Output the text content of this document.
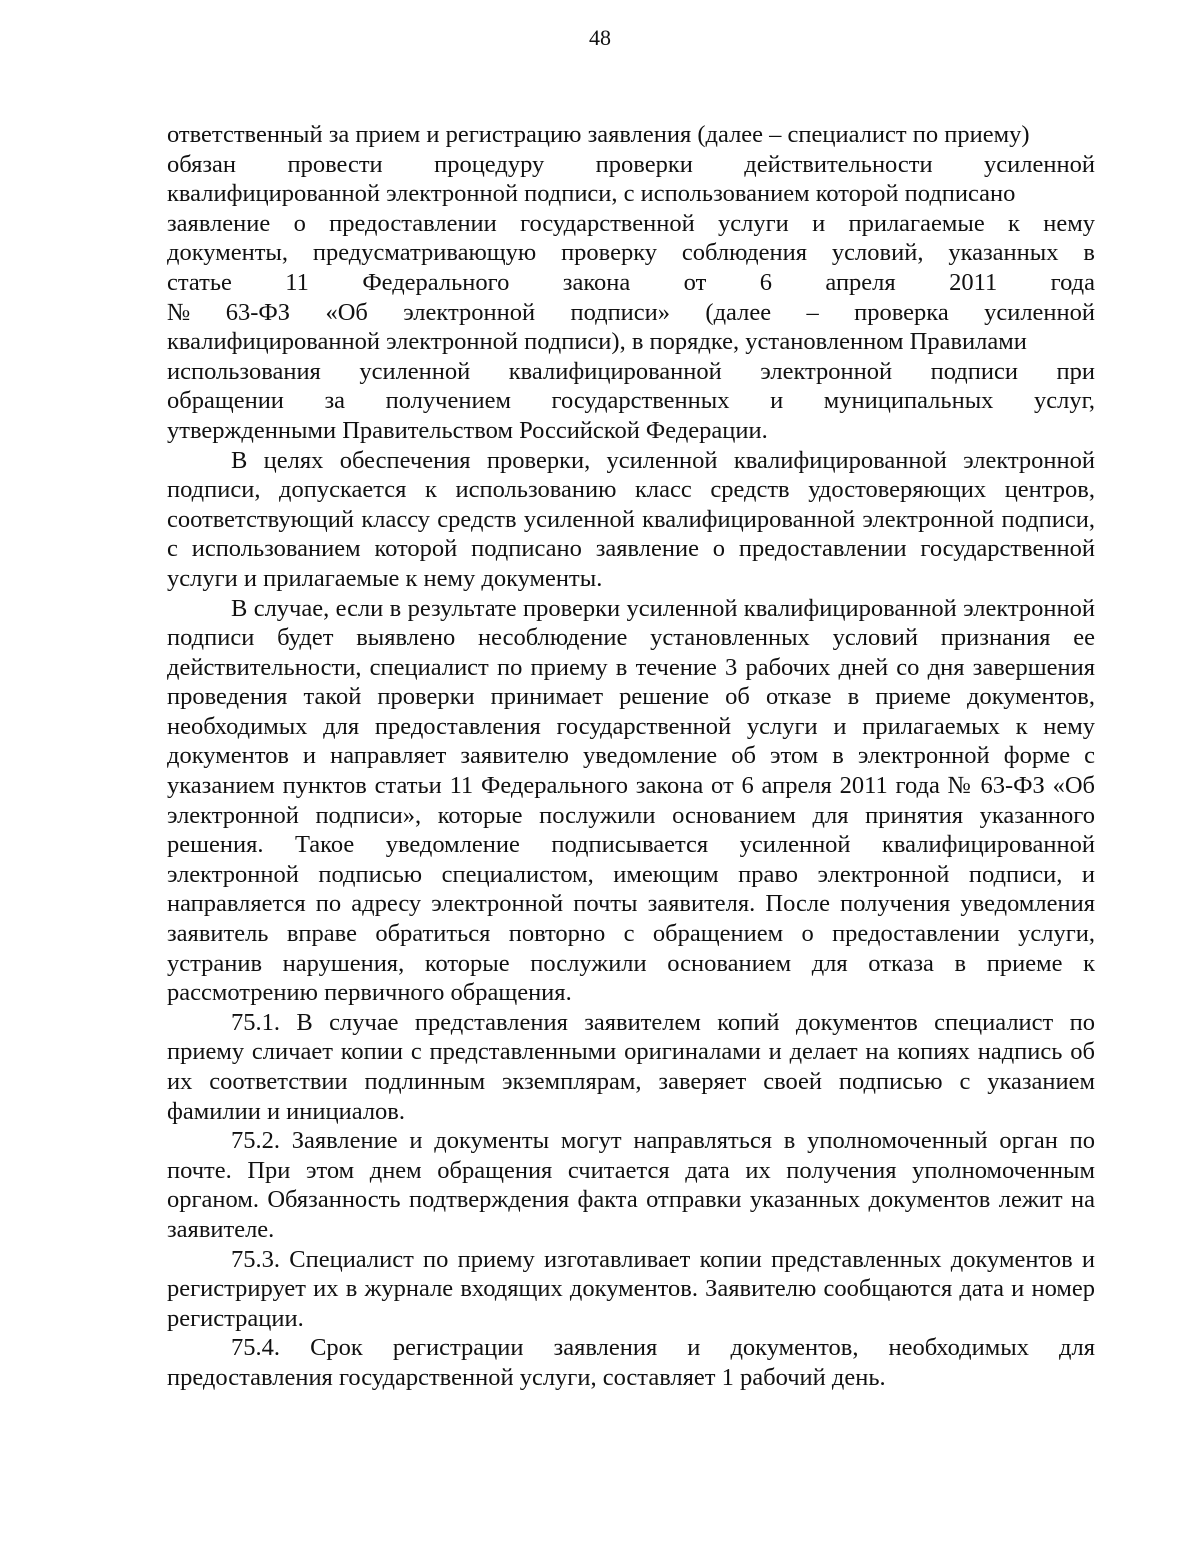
48
ответственный за прием и регистрацию заявления (далее – специалист по приему)
обязан провести процедуру проверки действительности усиленной
квалифицированной электронной подписи, с использованием которой подписано
заявление о предоставлении государственной услуги и прилагаемые к нему
документы, предусматривающую проверку соблюдения условий, указанных в
статье 11 Федерального закона от 6 апреля 2011 года
№ 63-ФЗ «Об электронной подписи» (далее – проверка усиленной
квалифицированной электронной подписи), в порядке, установленном Правилами
использования усиленной квалифицированной электронной подписи при
обращении за получением государственных и муниципальных услуг,
утвержденными Правительством Российской Федерации.

В целях обеспечения проверки, усиленной квалифицированной электронной подписи, допускается к использованию класс средств удостоверяющих центров, соответствующий классу средств усиленной квалифицированной электронной подписи, с использованием которой подписано заявление о предоставлении государственной услуги и прилагаемые к нему документы.

В случае, если в результате проверки усиленной квалифицированной электронной подписи будет выявлено несоблюдение установленных условий признания ее действительности, специалист по приему в течение 3 рабочих дней со дня завершения проведения такой проверки принимает решение об отказе в приеме документов, необходимых для предоставления государственной услуги и прилагаемых к нему документов и направляет заявителю уведомление об этом в электронной форме с указанием пунктов статьи 11 Федерального закона от 6 апреля 2011 года № 63-ФЗ «Об электронной подписи», которые послужили основанием для принятия указанного решения. Такое уведомление подписывается усиленной квалифицированной электронной подписью специалистом, имеющим право электронной подписи, и направляется по адресу электронной почты заявителя. После получения уведомления заявитель вправе обратиться повторно с обращением о предоставлении услуги, устранив нарушения, которые послужили основанием для отказа в приеме к рассмотрению первичного обращения.

75.1. В случае представления заявителем копий документов специалист по приему сличает копии с представленными оригиналами и делает на копиях надпись об их соответствии подлинным экземплярам, заверяет своей подписью с указанием фамилии и инициалов.

75.2. Заявление и документы могут направляться в уполномоченный орган по почте. При этом днем обращения считается дата их получения уполномоченным органом. Обязанность подтверждения факта отправки указанных документов лежит на заявителе.

75.3. Специалист по приему изготавливает копии представленных документов и регистрирует их в журнале входящих документов. Заявителю сообщаются дата и номер регистрации.

75.4. Срок регистрации заявления и документов, необходимых для предоставления государственной услуги, составляет 1 рабочий день.
